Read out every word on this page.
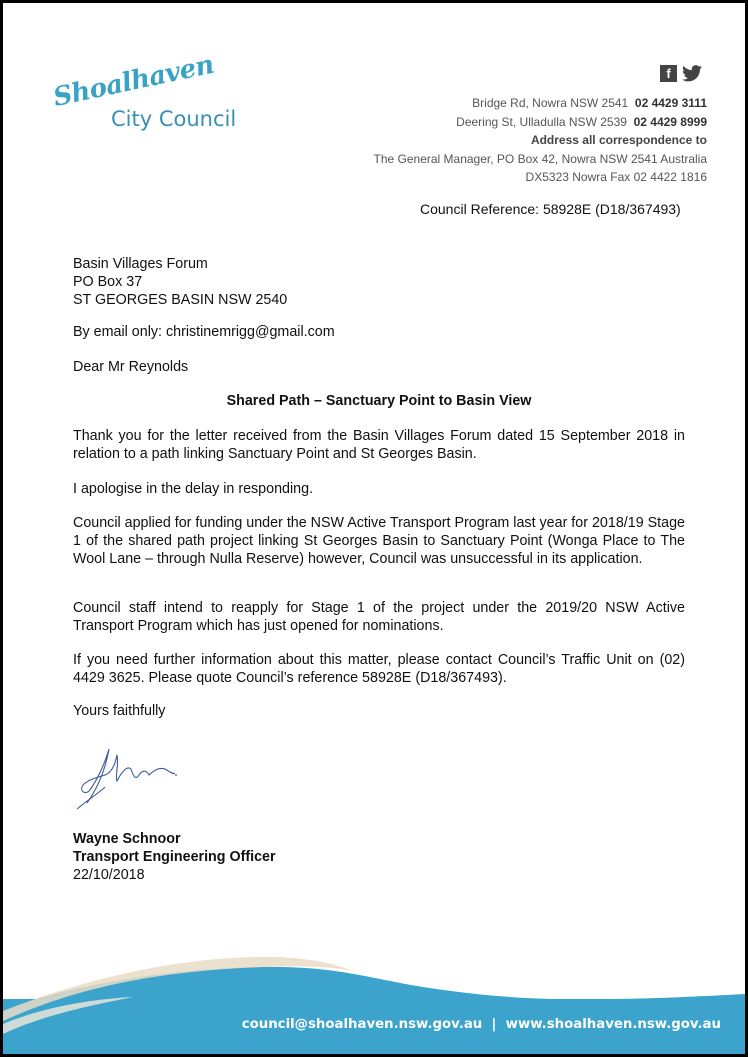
Shoalhaven
City Council
f
Bridge Rd, Nowra NSW 2541 02 4429 3111
Deering St, Ulladulla NSW 2539 02 4429 8999
Address all correspondence to
The General Manager, PO Box 42, Nowra NSW 2541 Australia
DX5323 Nowra Fax 02 4422 1816
Council Reference: 58928E (D18/367493)
Basin Villages Forum
PO Box 37
ST GEORGES BASIN NSW 2540
By email only: christinemrigg@gmail.com
Dear Mr Reynolds
Shared Path – Sanctuary Point to Basin View
Thank you for the letter received from the Basin Villages Forum dated 15 September 2018 in relation to a path linking Sanctuary Point and St Georges Basin.
I apologise in the delay in responding.
Council applied for funding under the NSW Active Transport Program last year for 2018/19 Stage 1 of the shared path project linking St Georges Basin to Sanctuary Point (Wonga Place to The Wool Lane – through Nulla Reserve) however, Council was unsuccessful in its application.
Council staff intend to reapply for Stage 1 of the project under the 2019/20 NSW Active Transport Program which has just opened for nominations.
If you need further information about this matter, please contact Council’s Traffic Unit on (02) 4429 3625. Please quote Council’s reference 58928E (D18/367493).
Yours faithfully
Wayne Schnoor
Transport Engineering Officer
22/10/2018
council@shoalhaven.nsw.gov.au | www.shoalhaven.nsw.gov.au
